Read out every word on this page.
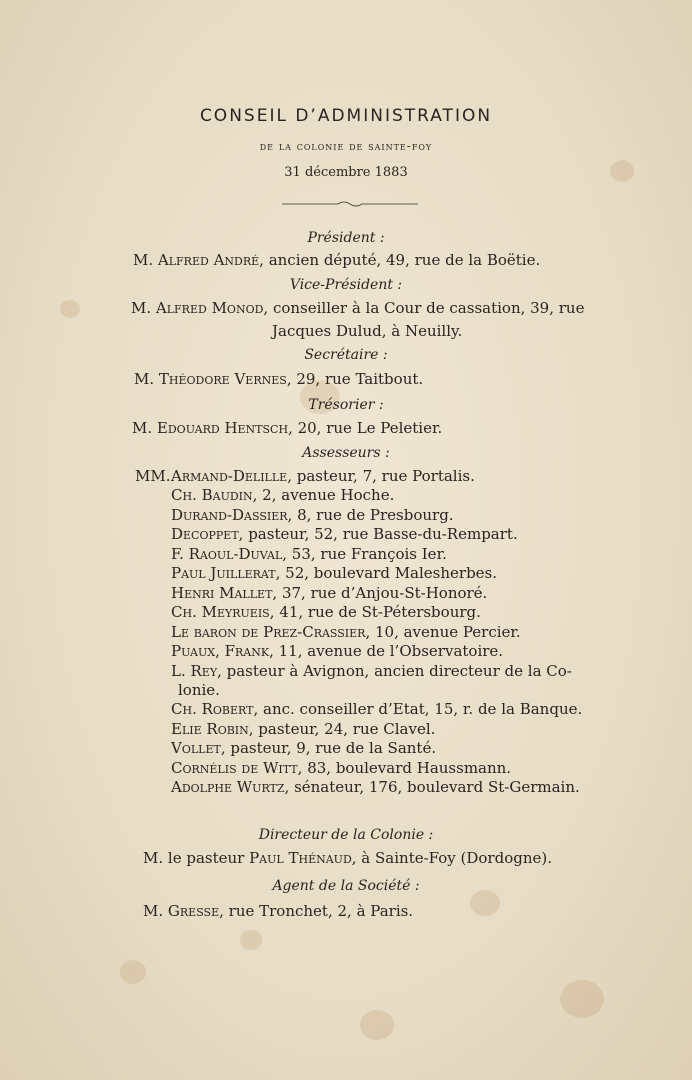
CONSEIL D’ADMINISTRATION
de la colonie de sainte-foy
31 décembre 1883
Président :
M. Alfred André, ancien député, 49, rue de la Boëtie.
Vice-Président :
M. Alfred Monod, conseiller à la Cour de cassation, 39, rue
Jacques Dulud, à Neuilly.
Secrétaire :
M. Théodore Vernes, 29, rue Taitbout.
Trésorier :
M. Edouard Hentsch, 20, rue Le Peletier.
Assesseurs :
MM. Armand-Delille, pasteur, 7, rue Portalis.
Ch. Baudin, 2, avenue Hoche.
Durand-Dassier, 8, rue de Presbourg.
Decoppet, pasteur, 52, rue Basse-du-Rempart.
F. Raoul-Duval, 53, rue François Ier.
Paul Juillerat, 52, boulevard Malesherbes.
Henri Mallet, 37, rue d’Anjou-St-Honoré.
Ch. Meyrueis, 41, rue de St-Pétersbourg.
Le baron de Prez-Crassier, 10, avenue Percier.
Puaux, Frank, 11, avenue de l’Observatoire.
L. Rey, pasteur à Avignon, ancien directeur de la Co-
lonie.
Ch. Robert, anc. conseiller d’Etat, 15, r. de la Banque.
Elie Robin, pasteur, 24, rue Clavel.
Vollet, pasteur, 9, rue de la Santé.
Cornélis de Witt, 83, boulevard Haussmann.
Adolphe Wurtz, sénateur, 176, boulevard St-Germain.
Directeur de la Colonie :
M. le pasteur Paul Thénaud, à Sainte-Foy (Dordogne).
Agent de la Société :
M. Gresse, rue Tronchet, 2, à Paris.
